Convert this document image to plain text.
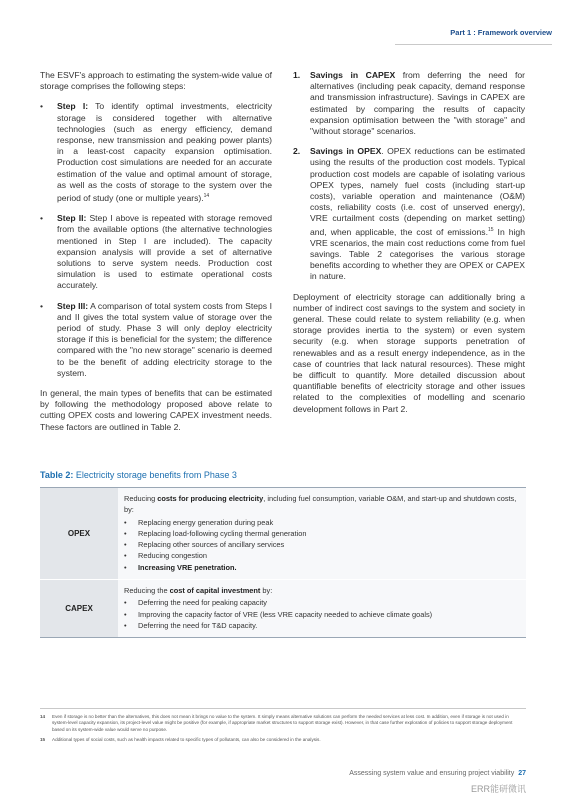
Part 1 : Framework overview

The ESVF's approach to estimating the system-wide value of storage comprises the following steps:

•	Step I: To identify optimal investments, electricity storage is considered together with alternative technologies (such as energy efficiency, demand response, new transmission and peaking power plants) in a least-cost capacity expansion optimisation. Production cost simulations are needed for an accurate estimation of the value and optimal amount of storage, as well as the costs of storage to the system over the period of study (one or multiple years).$^{14}$
•	Step II: Step I above is repeated with storage removed from the available options (the alternative technologies mentioned in Step I are included). The capacity expansion analysis will provide a set of alternative solutions to serve system needs. Production cost simulation is used to estimate operational costs accurately.
•	Step III: A comparison of total system costs from Steps I and II gives the total system value of storage over the period of study. Phase 3 will only deploy electricity storage if this is beneficial for the system; the difference compared with the "no new storage" scenario is deemed to be the benefit of adding electricity storage to the system.

In general, the main types of benefits that can be estimated by following the methodology proposed above relate to cutting OPEX costs and lowering CAPEX investment needs. These factors are outlined in Table 2.

1.	Savings in CAPEX from deferring the need for alternatives (including peak capacity, demand response and transmission infrastructure). Savings in CAPEX are estimated by comparing the results of capacity expansion optimisation between the "with storage" and "without storage" scenarios.
2.	Savings in OPEX. OPEX reductions can be estimated using the results of the production cost models. Typical production cost models are capable of isolating various OPEX types, namely fuel costs (including start-up costs), variable operation and maintenance (O&M) costs, reliability costs (i.e. cost of unserved energy), VRE curtailment costs (depending on market setting) and, when applicable, the cost of emissions.$^{15}$ In high VRE scenarios, the main cost reductions come from fuel savings. Table 2 categorises the various storage benefits according to whether they are OPEX or CAPEX in nature.

Deployment of electricity storage can additionally bring a number of indirect cost savings to the system and society in general. These could relate to system reliability (e.g. when storage provides inertia to the system) or even system security (e.g. when storage supports penetration of renewables and as a result energy independence, as in the case of countries that lack natural resources). These might be difficult to quantify. More detailed discussion about quantifiable benefits of electricity storage and other issues related to the complexities of modelling and scenario development follows in Part 2.

Table 2: Electricity storage benefits from Phase 3
OPEX
Reducing costs for producing electricity, including fuel consumption, variable O&M, and start-up and shutdown costs, by:
•	Replacing energy generation during peak
•	Replacing load-following cycling thermal generation
•	Replacing other sources of ancillary services
•	Reducing congestion
•	Increasing VRE penetration.
CAPEX
Reducing the cost of capital investment by:
•	Deferring the need for peaking capacity
•	Improving the capacity factor of VRE (less VRE capacity needed to achieve climate goals)
•	Deferring the need for T&D capacity.
14	Even if storage is no better than the alternatives, this does not mean it brings no value to the system. It simply means alternative solutions can perform the needed services at less cost. In addition, even if storage is not used in system-level capacity expansion, its project-level value might be positive (for example, if appropriate market structures to support storage exist). However, in that case further exploration of policies to support storage deployment based on its system-wide value would serve no purpose.
15	Additional types of social costs, such as health impacts related to specific types of pollutants, can also be considered in the analysis.
Assessing system value and ensuring project viability 27
ERR能研微讯
